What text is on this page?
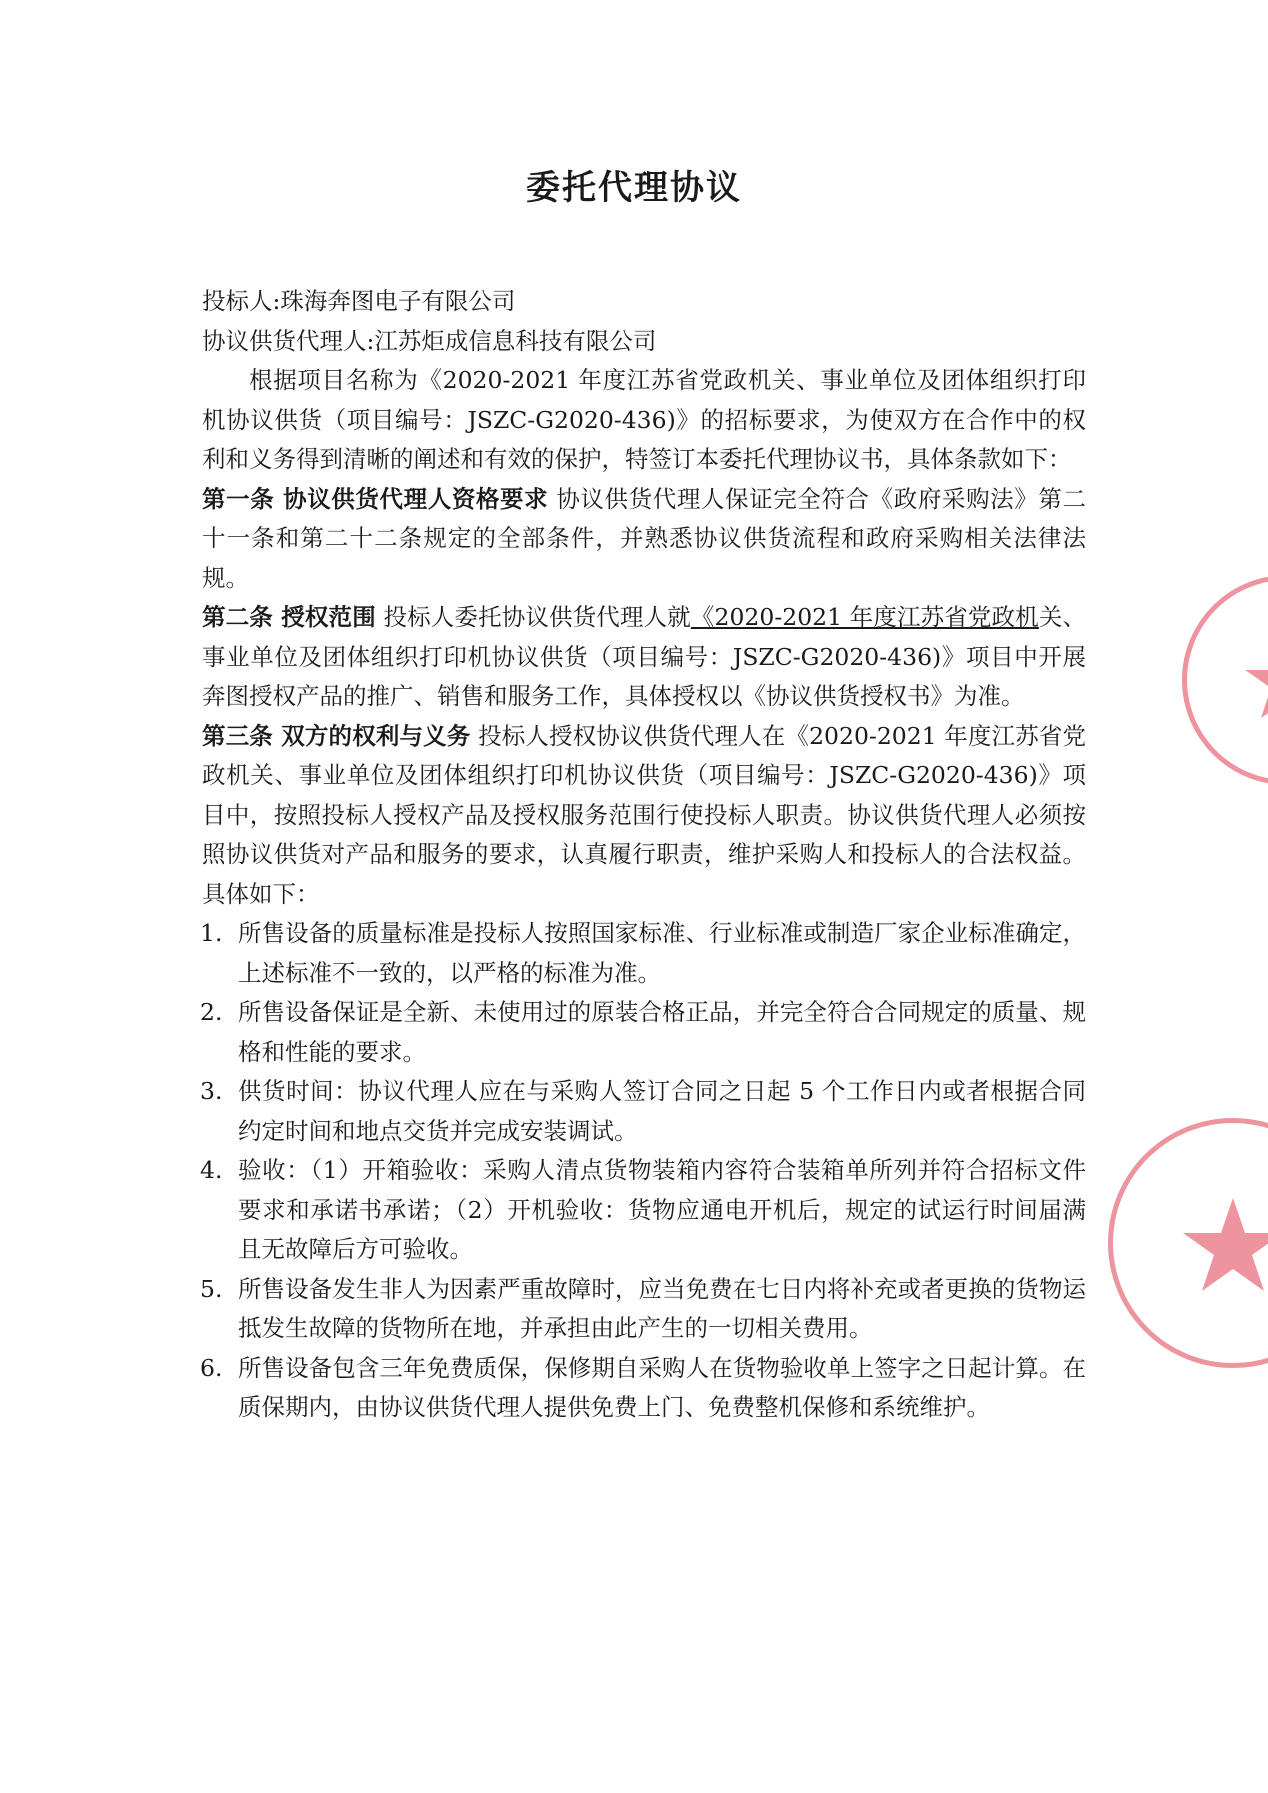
委托代理协议
投标人:珠海奔图电子有限公司
协议供货代理人:江苏炬成信息科技有限公司

根据项目名称为《2020-2021 年度江苏省党政机关、事业单位及团体组织打印机协议供货（项目编号：JSZC-G2020-436)》的招标要求，为使双方在合作中的权利和义务得到清晰的阐述和有效的保护，特签订本委托代理协议书，具体条款如下：

第一条 协议供货代理人资格要求 协议供货代理人保证完全符合《政府采购法》第二十一条和第二十二条规定的全部条件，并熟悉协议供货流程和政府采购相关法律法规。

第二条 授权范围 投标人委托协议供货代理人就《2020-2021 年度江苏省党政机关、事业单位及团体组织打印机协议供货（项目编号：JSZC-G2020-436)》项目中开展奔图授权产品的推广、销售和服务工作，具体授权以《协议供货授权书》为准。

第三条 双方的权利与义务 投标人授权协议供货代理人在《2020-2021 年度江苏省党政机关、事业单位及团体组织打印机协议供货（项目编号：JSZC-G2020-436)》项目中，按照投标人授权产品及授权服务范围行使投标人职责。协议供货代理人必须按照协议供货对产品和服务的要求，认真履行职责，维护采购人和投标人的合法权益。具体如下：

1. 所售设备的质量标准是投标人按照国家标准、行业标准或制造厂家企业标准确定，上述标准不一致的，以严格的标准为准。
2. 所售设备保证是全新、未使用过的原装合格正品，并完全符合合同规定的质量、规格和性能的要求。
3. 供货时间：协议代理人应在与采购人签订合同之日起 5 个工作日内或者根据合同约定时间和地点交货并完成安装调试。
4. 验收：（1）开箱验收：采购人清点货物装箱内容符合装箱单所列并符合招标文件要求和承诺书承诺；（2）开机验收：货物应通电开机后，规定的试运行时间届满且无故障后方可验收。
5. 所售设备发生非人为因素严重故障时，应当免费在七日内将补充或者更换的货物运抵发生故障的货物所在地，并承担由此产生的一切相关费用。
6. 所售设备包含三年免费质保，保修期自采购人在货物验收单上签字之日起计算。在质保期内，由协议供货代理人提供免费上门、免费整机保修和系统维护。
